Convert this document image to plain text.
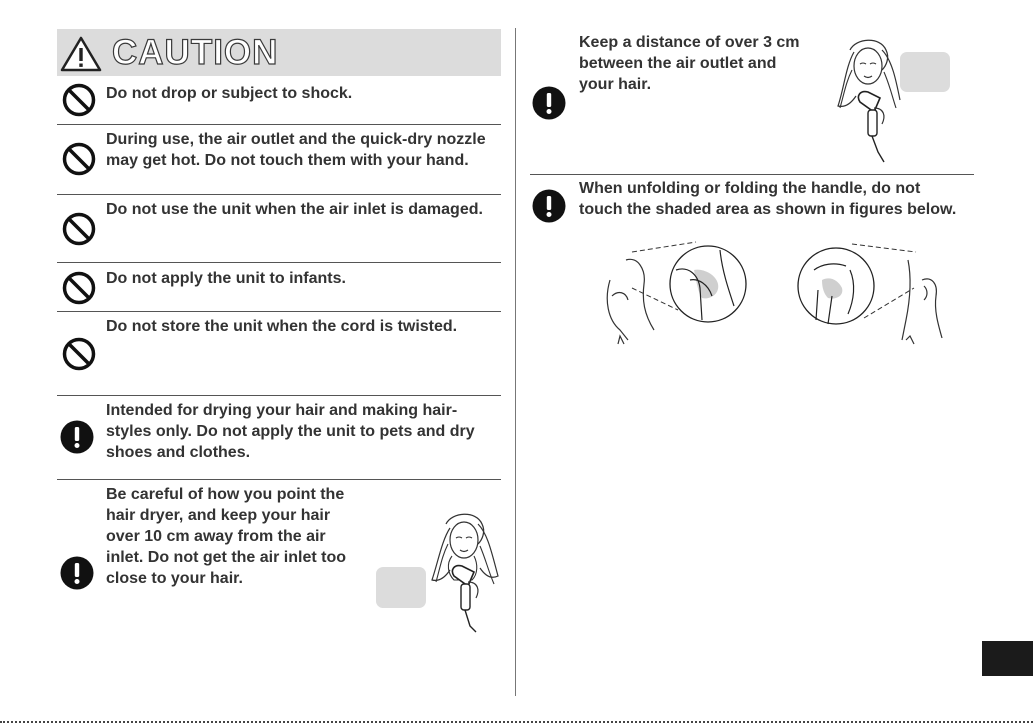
CAUTION
Do not drop or subject to shock.
During use, the air outlet and the quick-dry nozzle
may get hot. Do not touch them with your hand.
Do not use the unit when the air inlet is damaged.
Do not apply the unit to infants.
Do not store the unit when the cord is twisted.
Intended for drying your hair and making hair-
styles only. Do not apply the unit to pets and dry
shoes and clothes.
Be careful of how you point the
hair dryer, and keep your hair
over 10 cm away from the air
inlet. Do not get the air inlet too
close to your hair.
Keep a distance of over 3 cm
between the air outlet and
your hair.
When unfolding or folding the handle, do not
touch the shaded area as shown in figures below.
